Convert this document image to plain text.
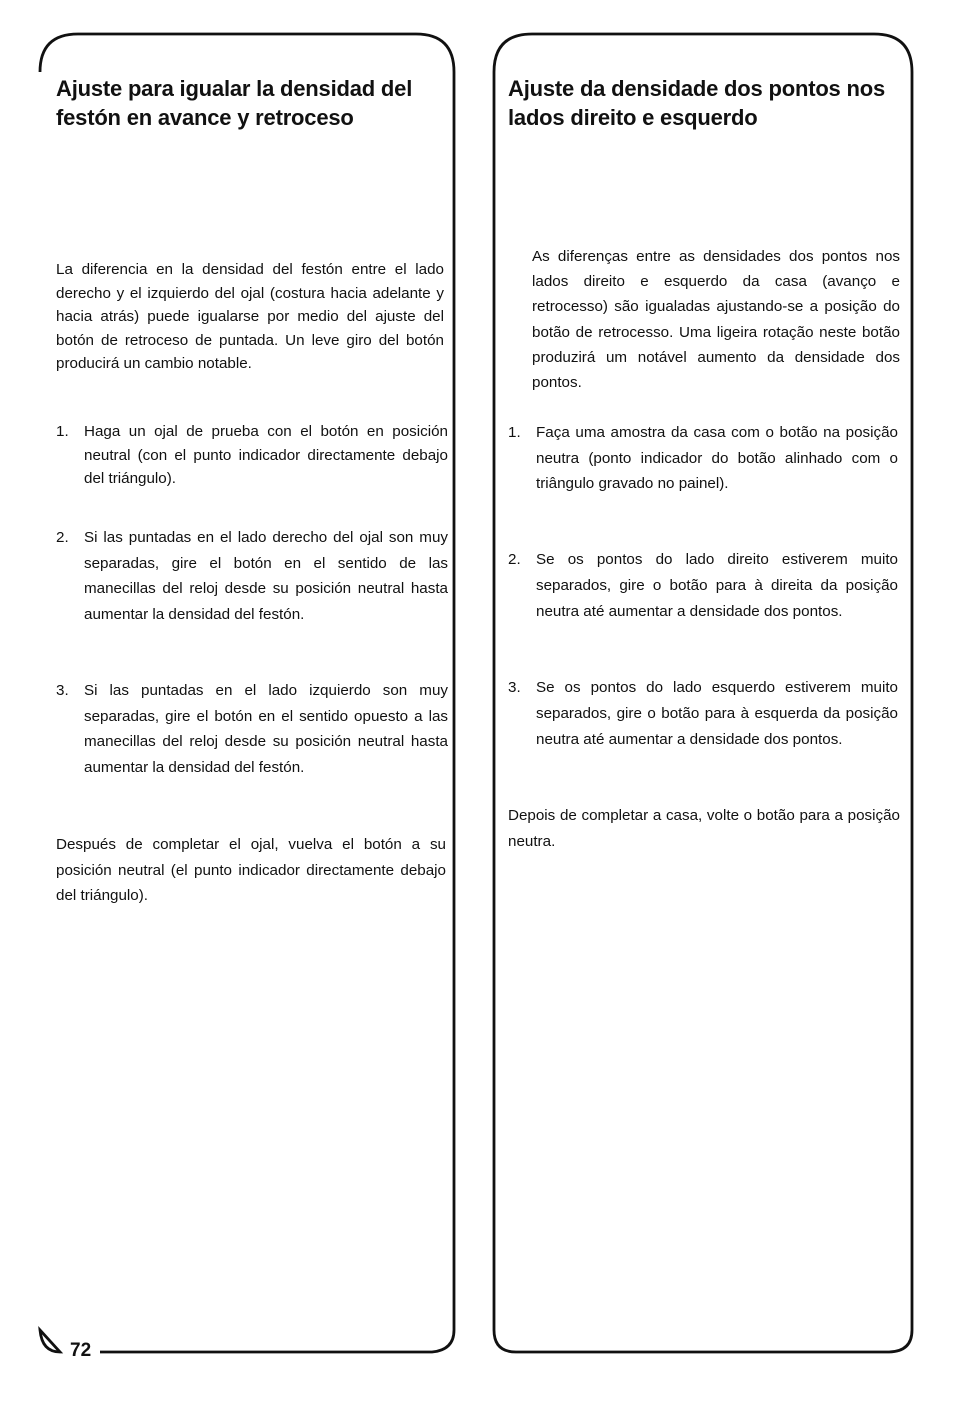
72
Ajuste para igualar la densidad del festón en avance y retroceso

La diferencia en la densidad del festón entre el lado derecho y el izquierdo del ojal (costura hacia adelante y hacia atrás) puede igualarse por medio del ajuste del botón de retroceso de puntada. Un leve giro del botón producirá un cambio notable.

1.	Haga un ojal de prueba con el botón en posición neutral (con el punto indicador directamente debajo del triángulo).
2.	Si las puntadas en el lado derecho del ojal son muy separadas, gire el botón en el sentido de las manecillas del reloj desde su posición neutral hasta aumentar la densidad del festón.
3.	Si las puntadas en el lado izquierdo son muy separadas, gire el botón en el sentido opuesto a las manecillas del reloj desde su posición neutral hasta aumentar la densidad del festón.

Después de completar el ojal, vuelva el botón a su posición neutral (el punto indicador directamente debajo del triángulo).

Ajuste da densidade dos pontos nos lados direito e esquerdo

As diferenças entre as densidades dos pontos nos lados direito e esquerdo da casa (avanço e retrocesso) são igualadas ajustando-se a posição do botão de retrocesso. Uma ligeira rotação neste botão produzirá um notável aumento da densidade dos pontos.

1.	Faça uma amostra da casa com o botão na posição neutra (ponto indicador do botão alinhado com o triângulo gravado no painel).
2.	Se os pontos do lado direito estiverem muito separados, gire o botão para à direita da posição neutra até aumentar a densidade dos pontos.
3.	Se os pontos do lado esquerdo estiverem muito separados, gire o botão para à esquerda da posição neutra até aumentar a densidade dos pontos.

Depois de completar a casa, volte o botão para a posição neutra.
